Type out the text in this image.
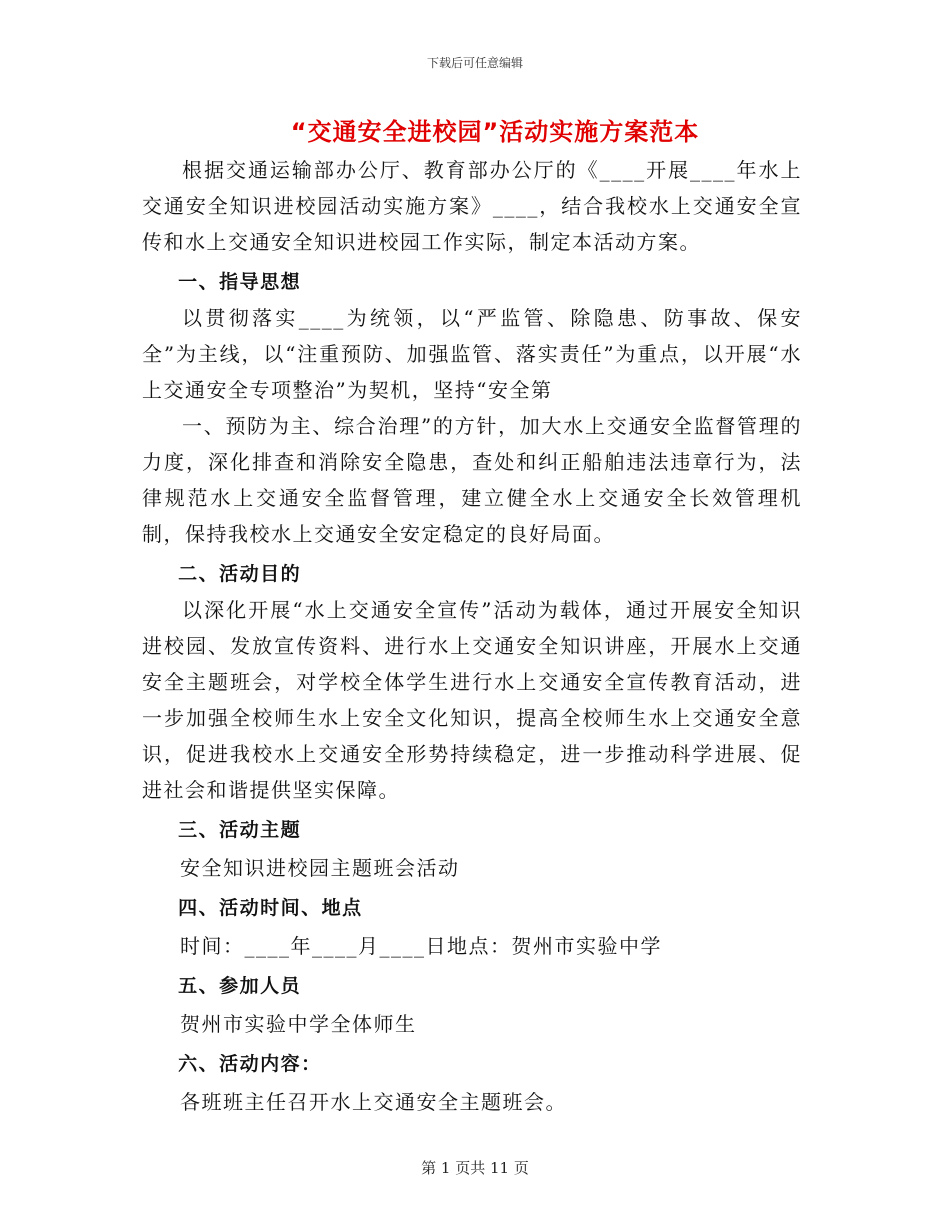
下载后可任意编辑
“交通安全进校园”活动实施方案范本

根据交通运输部办公厅、教育部办公厅的《____开展____年水上交通安全知识进校园活动实施方案》____，结合我校水上交通安全宣传和水上交通安全知识进校园工作实际，制定本活动方案。

一、指导思想

以贯彻落实____为统领，以“严监管、除隐患、防事故、保安全”为主线，以“注重预防、加强监管、落实责任”为重点，以开展“水上交通安全专项整治”为契机，坚持“安全第

一、预防为主、综合治理”的方针，加大水上交通安全监督管理的力度，深化排查和消除安全隐患，查处和纠正船舶违法违章行为，法律规范水上交通安全监督管理，建立健全水上交通安全长效管理机制，保持我校水上交通安全安定稳定的良好局面。

二、活动目的

以深化开展“水上交通安全宣传”活动为载体，通过开展安全知识进校园、发放宣传资料、进行水上交通安全知识讲座，开展水上交通安全主题班会，对学校全体学生进行水上交通安全宣传教育活动，进一步加强全校师生水上安全文化知识，提高全校师生水上交通安全意识，促进我校水上交通安全形势持续稳定，进一步推动科学进展、促进社会和谐提供坚实保障。

三、活动主题
安全知识进校园主题班会活动
四、活动时间、地点
时间：____年____月____日地点：贺州市实验中学
五、参加人员
贺州市实验中学全体师生
六、活动内容：
各班班主任召开水上交通安全主题班会。
第 1 页共 11 页
